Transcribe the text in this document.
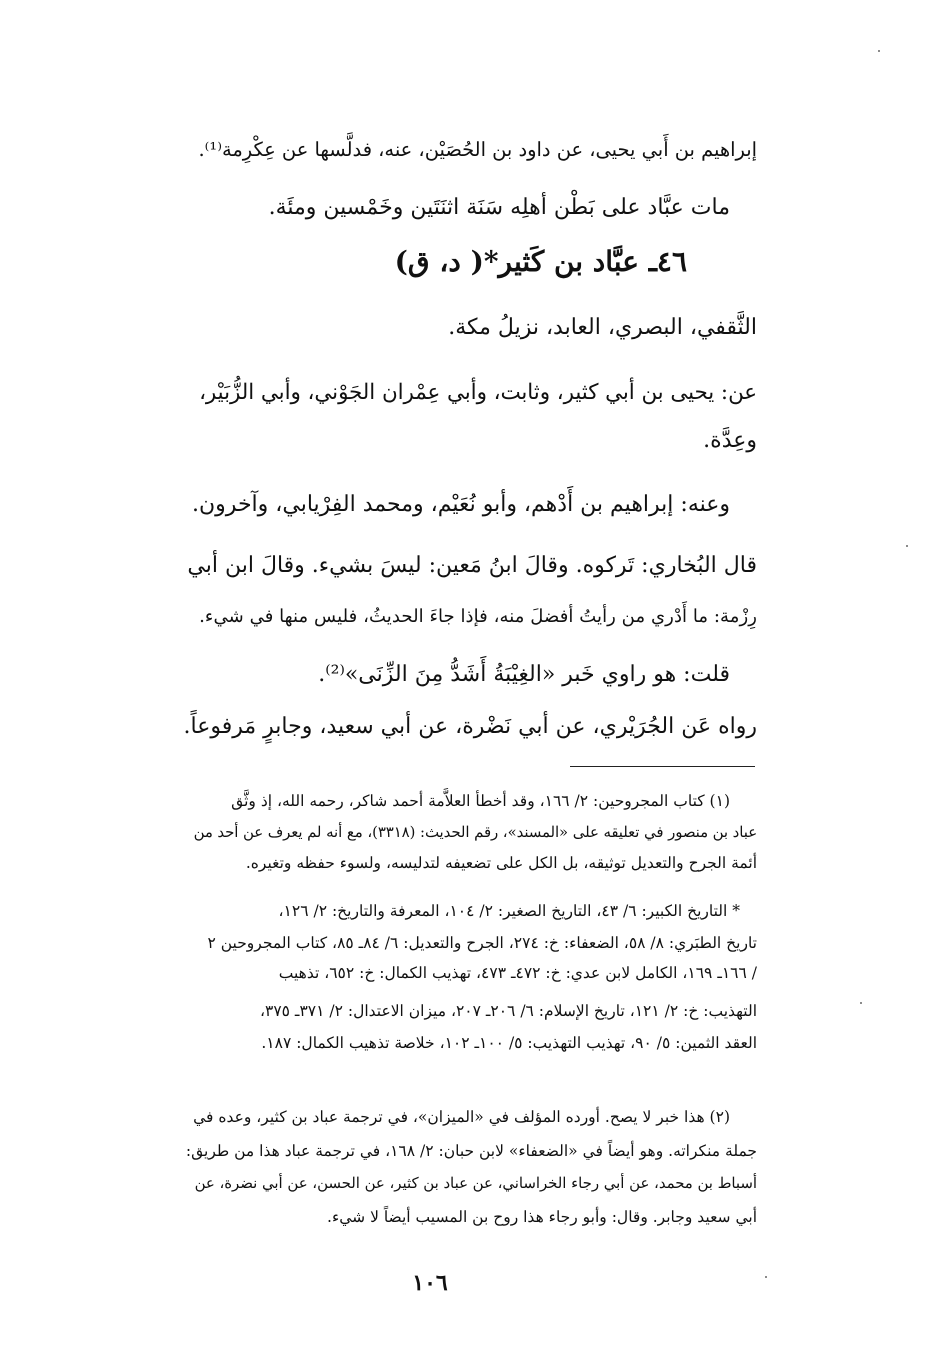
إبراهيم بن أَبي يحيى، عن داود بن الحُصَيْن، عنه، فدلَّسها عن عِكْرِمة⁽¹⁾.
مات عبَّاد على بَطْن أهلِه سَنَة اثنَتَين وخَمْسين ومئَة.
٤٦ـ عبَّاد بن كَثير*( د، ق)
الثَّقفي، البصري، العابد، نزيلُ مكة.
عن: يحيى بن أبي كثير، وثابت، وأبي عِمْران الجَوْني، وأبي الزُّبَيْر،
وعِدَّة.
وعنه: إبراهيم بن أَدْهم، وأبو نُعَيْم، ومحمد الفِرْيابي، وآخرون.
قال البُخاري: تَركوه. وقالَ ابنُ مَعين: ليسَ بشيء. وقالَ ابن أبي
رِزْمة: ما أَدْري من رأيتُ أفضلَ منه، فإذا جاءَ الحديثُ، فليس منها في شيء.
قلت: هو راوي خَبر «الغِيْبَةُ أَشَدُّ مِنَ الزِّنَى»⁽²⁾.
رواه عَن الجُرَيْري، عن أبي نَضْرة، عن أبي سعيد، وجابرٍ مَرفوعاً.
(١) كتاب المجروحين: ٢/ ١٦٦، وقد أخطأ العلاَّمة أحمد شاكر، رحمه الله، إذ وثَّق
عباد بن منصور في تعليقه على «المسند»، رقم الحديث: (٣٣١٨)، مع أنه لم يعرف عن أحد من
أئمة الجرح والتعديل توثيقه، بل الكل على تضعيفه لتدليسه، ولسوء حفظه وتغيره.
* التاريخ الكبير: ٦/ ٤٣، التاريخ الصغير: ٢/ ١٠٤، المعرفة والتاريخ: ٢/ ١٢٦،
تاريخ الطبَري: ٨/ ٥٨، الضعفاء: خ: ٢٧٤، الجرح والتعديل: ٦/ ٨٤ـ ٨٥، كتاب المجروحين ٢
/ ١٦٦ـ ١٦٩، الكامل لابن عدي: خ: ٤٧٢ـ ٤٧٣، تهذيب الكمال: خ: ٦٥٢، تذهيب
التهذيب: خ: ٢/ ١٢١، تاريخ الإسلام: ٦/ ٢٠٦ـ ٢٠٧، ميزان الاعتدال: ٢/ ٣٧١ـ ٣٧٥،
العقد الثمين: ٥/ ٩٠، تهذيب التهذيب: ٥/ ١٠٠ـ ١٠٢، خلاصة تذهيب الكمال: ١٨٧.
(٢) هذا خبر لا يصح. أورده المؤلف في «الميزان»، في ترجمة عباد بن كثير، وعده في
جملة منكراته. وهو أيضاً في «الضعفاء» لابن حبان: ٢/ ١٦٨، في ترجمة عباد هذا من طريق:
أسباط بن محمد، عن أبي رجاء الخراساني، عن عباد بن كثير، عن الحسن، عن أبي نضرة، عن
أبي سعيد وجابر. وقال: وأبو رجاء هذا روح بن المسيب أيضاً لا شيء.
١٠٦
